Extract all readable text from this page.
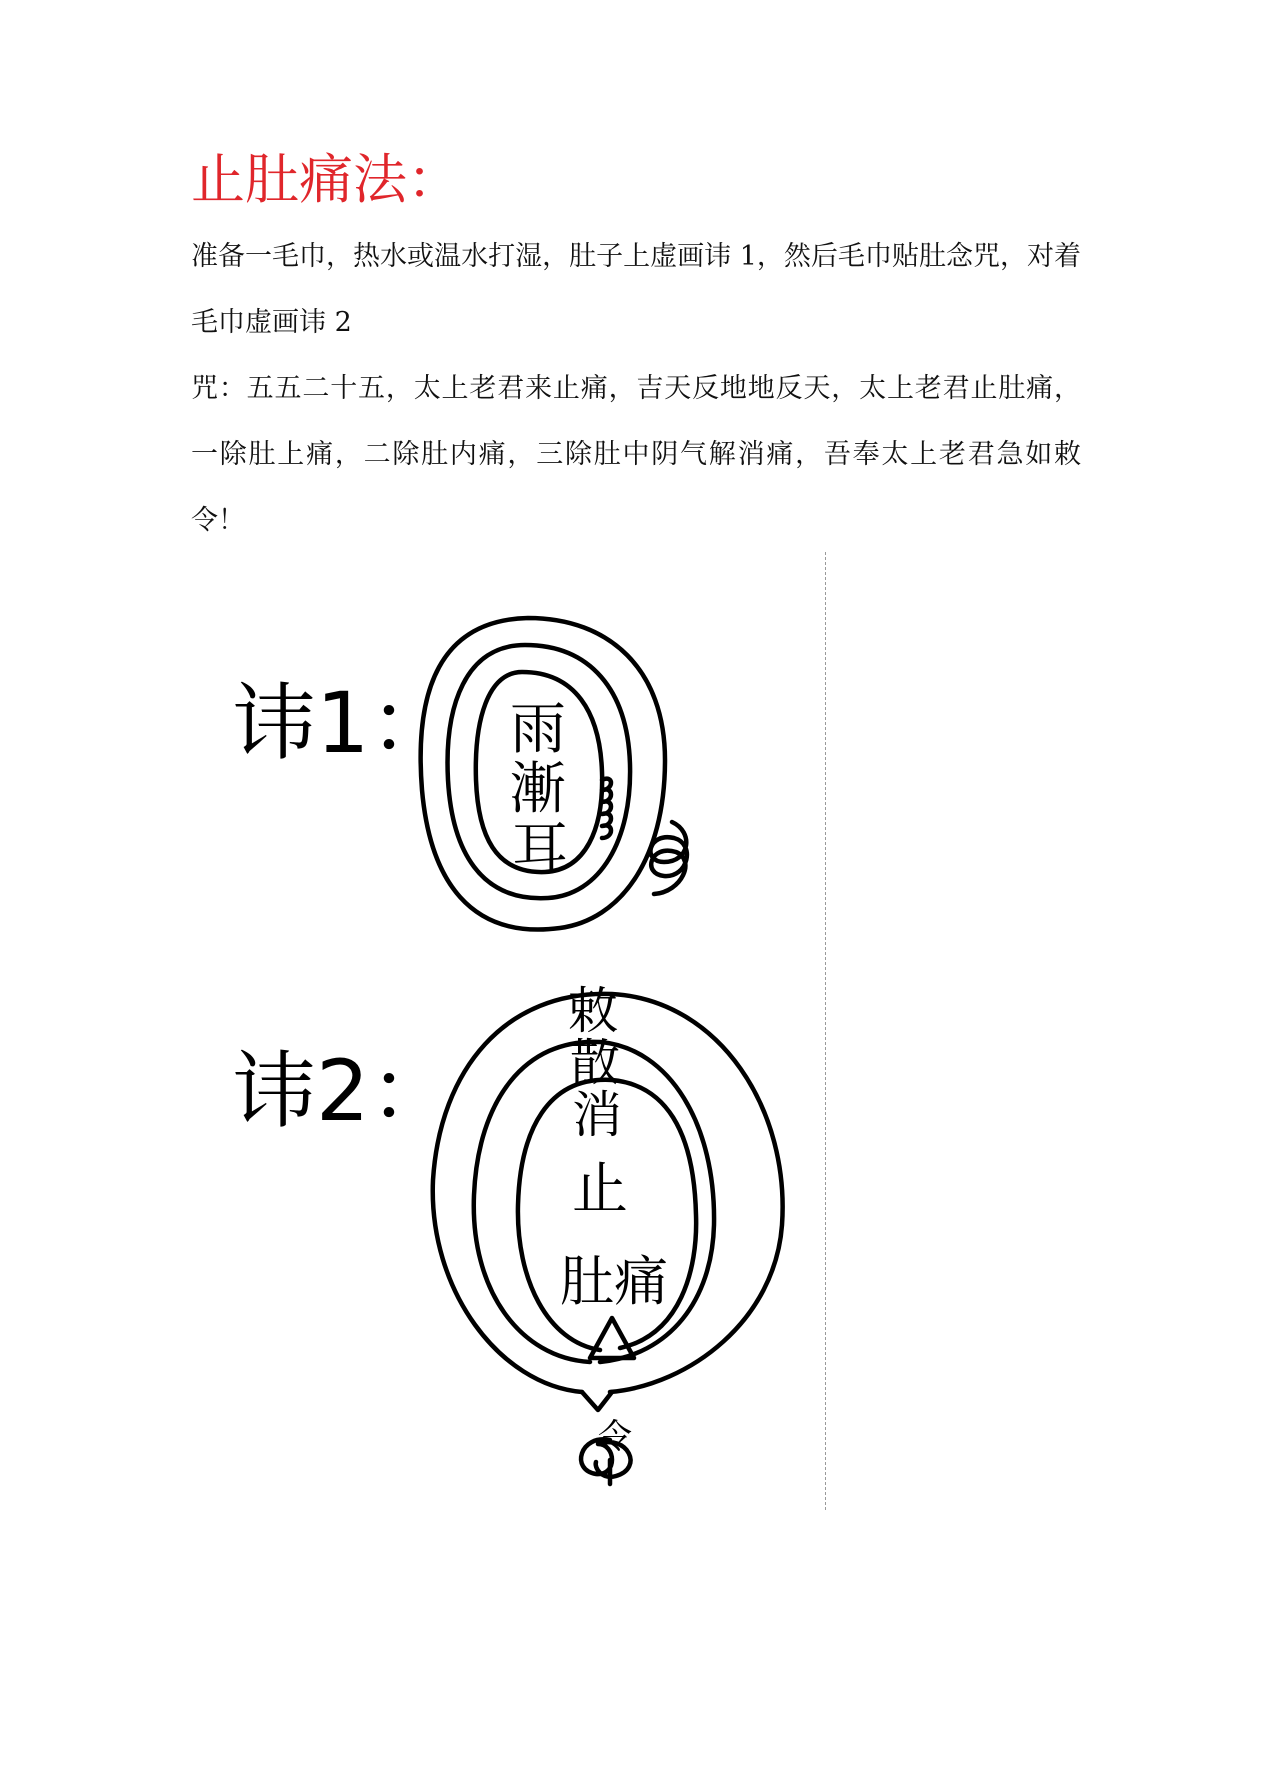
止肚痛法：

准备一毛巾，热水或温水打湿，肚子上虚画讳 1，然后毛巾贴肚念咒，对着毛巾虚画讳 2

咒：五五二十五，太上老君来止痛，吉天反地地反天，太上老君止肚痛，一除肚上痛，二除肚内痛，三除肚中阴气解消痛，吾奉太上老君急如敕令！

讳1： 雨
漸
耳
讳2：
敕
散
消
止
肚痛
令
